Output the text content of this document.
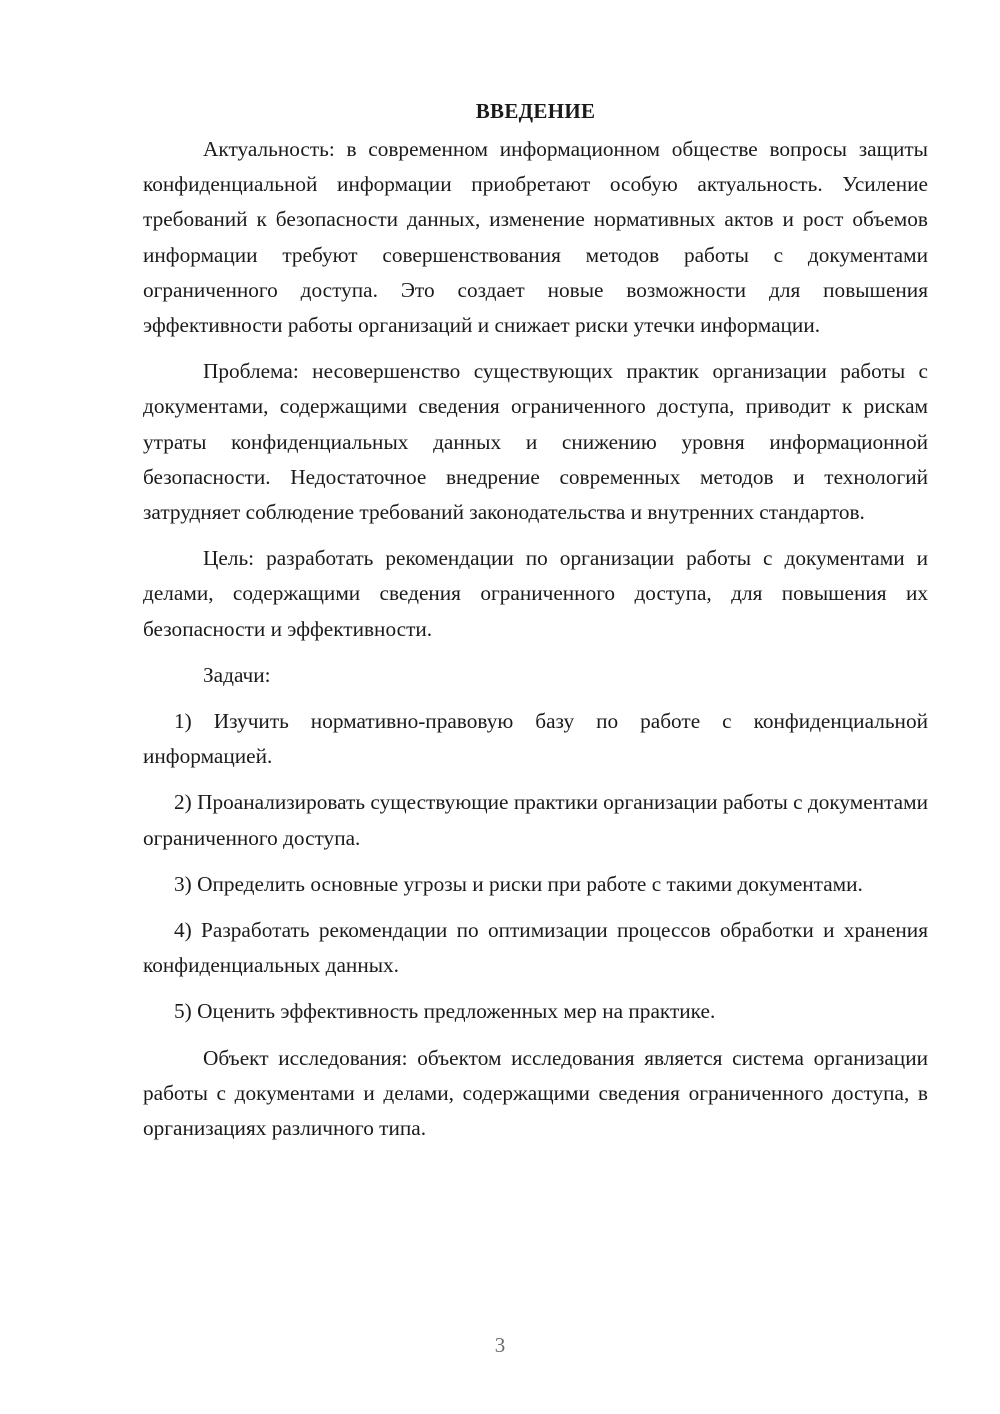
ВВЕДЕНИЕ

Актуальность: в современном информационном обществе вопросы защиты конфиденциальной информации приобретают особую актуальность. Усиление требований к безопасности данных, изменение нормативных актов и рост объемов информации требуют совершенствования методов работы с документами ограниченного доступа. Это создает новые возможности для повышения эффективности работы организаций и снижает риски утечки информации.

Проблема: несовершенство существующих практик организации работы с документами, содержащими сведения ограниченного доступа, приводит к рискам утраты конфиденциальных данных и снижению уровня информационной безопасности. Недостаточное внедрение современных методов и технологий затрудняет соблюдение требований законодательства и внутренних стандартов.

Цель: разработать рекомендации по организации работы с документами и делами, содержащими сведения ограниченного доступа, для повышения их безопасности и эффективности.

Задачи:

1) Изучить нормативно-правовую базу по работе с конфиденциальной информацией.

2) Проанализировать существующие практики организации работы с документами ограниченного доступа.

3) Определить основные угрозы и риски при работе с такими документами.

4) Разработать рекомендации по оптимизации процессов обработки и хранения конфиденциальных данных.

5) Оценить эффективность предложенных мер на практике.

Объект исследования: объектом исследования является система организации работы с документами и делами, содержащими сведения ограниченного доступа, в организациях различного типа.

3
